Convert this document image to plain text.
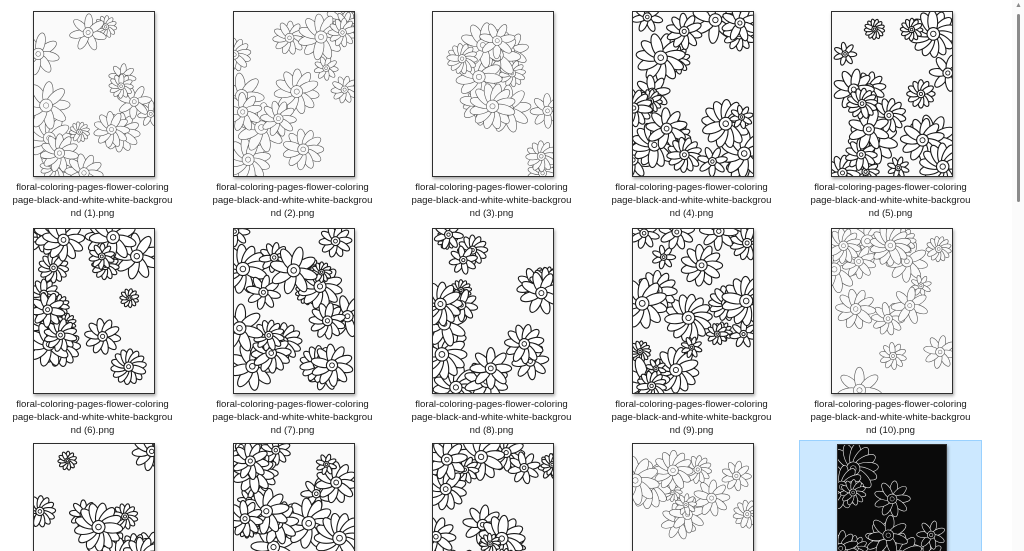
floral-coloring-pages-flower-coloring
page-black-and-white-white-backgrou
nd (1).png
floral-coloring-pages-flower-coloring
page-black-and-white-white-backgrou
nd (2).png
floral-coloring-pages-flower-coloring
page-black-and-white-white-backgrou
nd (3).png
floral-coloring-pages-flower-coloring
page-black-and-white-white-backgrou
nd (4).png
floral-coloring-pages-flower-coloring
page-black-and-white-white-backgrou
nd (5).png
floral-coloring-pages-flower-coloring
page-black-and-white-white-backgrou
nd (6).png
floral-coloring-pages-flower-coloring
page-black-and-white-white-backgrou
nd (7).png
floral-coloring-pages-flower-coloring
page-black-and-white-white-backgrou
nd (8).png
floral-coloring-pages-flower-coloring
page-black-and-white-white-backgrou
nd (9).png
floral-coloring-pages-flower-coloring
page-black-and-white-white-backgrou
nd (10).png
▲
